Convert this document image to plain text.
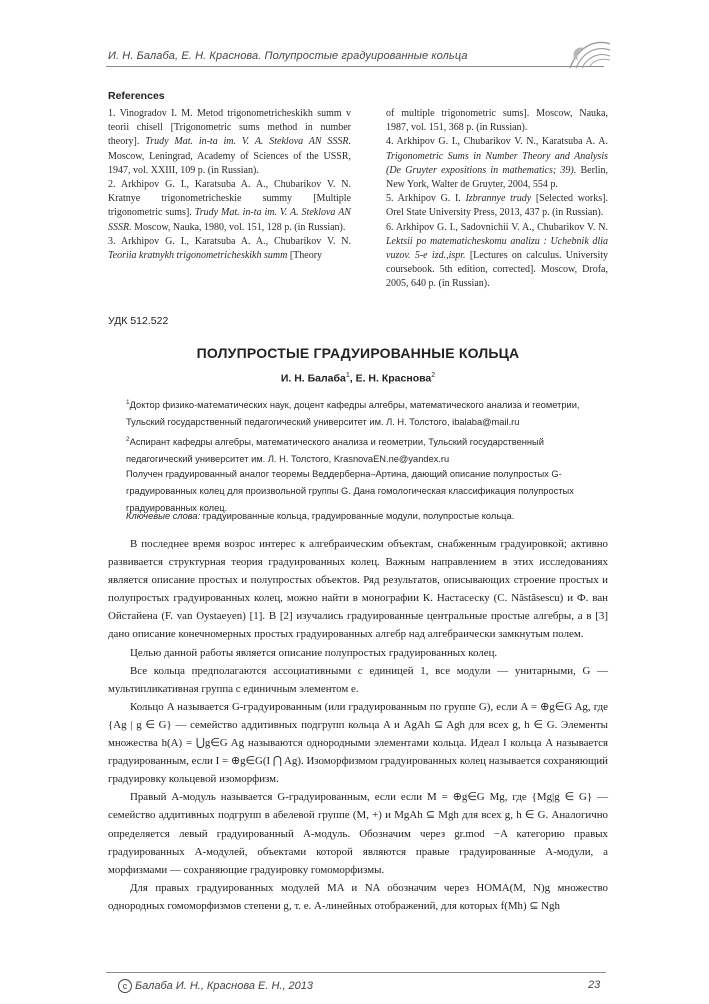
И. Н. Балаба, Е. Н. Краснова. Полупростые градуированные кольца
References

1. Vinogradov I. M. Metod trigonometricheskikh summ v teorii chisell [Trigonometric sums method in number theory]. Trudy Mat. in-ta im. V. A. Steklova AN SSSR. Moscow, Leningrad, Academy of Sciences of the USSR, 1947, vol. XXIII, 109 p. (in Russian).

2. Arkhipov G. I., Karatsuba A. A., Chubarikov V. N. Kratnye trigonometricheskie summy [Multiple trigonometric sums]. Trudy Mat. in-ta im. V. A. Steklova AN SSSR. Moscow, Nauka, 1980, vol. 151, 128 p. (in Russian).

3. Arkhipov G. I., Karatsuba A. A., Chubarikov V. N. Teoriia kratnykh trigonometricheskikh summ [Theory

of multiple trigonometric sums]. Moscow, Nauka, 1987, vol. 151, 368 p. (in Russian).

4. Arkhipov G. I., Chubarikov V. N., Karatsuba A. A. Trigonometric Sums in Number Theory and Analysis (De Gruyter expositions in mathematics; 39). Berlin, New York, Walter de Gruyter, 2004, 554 p.

5. Arkhipov G. I. Izbrannye trudy [Selected works]. Orel State University Press, 2013, 437 p. (in Russian).

6. Arkhipov G. I., Sadovnichii V. A., Chubarikov V. N. Lektsii po matematicheskomu analizu : Uchebnik dlia vuzov. 5-e izd.,ispr. [Lectures on calculus. University coursebook. 5th edition, corrected]. Moscow, Drofa, 2005, 640 p. (in Russian).

УДК 512.522
ПОЛУПРОСТЫЕ ГРАДУИРОВАННЫЕ КОЛЬЦА
И. Н. Балаба$^1$, Е. Н. Краснова$^2$

$^1$Доктор физико-математических наук, доцент кафедры алгебры, математического анализа и геометрии, Тульский государственный педагогический университет им. Л. Н. Толстого, ibalaba@mail.ru

$^2$Аспирант кафедры алгебры, математического анализа и геометрии, Тульский государственный педагогический университет им. Л. Н. Толстого, KrasnovaEN.ne@yandex.ru

Получен градуированный аналог теоремы Веддерберна–Артина, дающий описание полупростых G-градуированных колец для произвольной группы G. Дана гомологическая классификация полупростых градуированных колец.
Ключевые слова: градуированные кольца, градуированные модули, полупростые кольца.

В последнее время возрос интерес к алгебраическим объектам, снабженным градуировкой; активно развивается структурная теория градуированных колец. Важным направлением в этих исследованиях является описание простых и полупростых объектов. Ряд результатов, описывающих строение простых и полупростых градуированных колец, можно найти в монографии К. Настасеску (C. Năstăsescu) и Ф. ван Ойстайена (F. van Oystaeyen) [1]. В [2] изучались градуированные центральные простые алгебры, а в [3] дано описание конечномерных простых градуированных алгебр над алгебраически замкнутым полем.

Целью данной работы является описание полупростых градуированных колец.

Все кольца предполагаются ассоциативными с единицей 1, все модули — унитарными, G — мультипликативная группа с единичным элементом e.

Кольцо A называется G-градуированным (или градуированным по группе G), если A = ⊕g∈G Ag, где {Ag | g ∈ G} — семейство аддитивных подгрупп кольца A и AgAh ⊆ Agh для всех g, h ∈ G. Элементы множества h(A) = ⋃g∈G Ag называются однородными элементами кольца. Идеал I кольца A называется градуированным, если I = ⊕g∈G(I ⋂ Ag). Изоморфизмом градуированных колец называется сохраняющий градуировку кольцевой изоморфизм.

Правый A-модуль называется G-градуированным, если если M = ⊕g∈G Mg, где {Mg|g ∈ G} — семейство аддитивных подгрупп в абелевой группе (M, +) и MgAh ⊆ Mgh для всех g, h ∈ G. Аналогично определяется левый градуированный A-модуль. Обозначим через gr.mod −A категорию правых градуированных A-модулей, объектами которой являются правые градуированные A-модули, а морфизмами — сохраняющие градуировку гомоморфизмы.

Для правых градуированных модулей MA и NA обозначим через HOMA(M, N)g множество однородных гомоморфизмов степени g, т. е. A-линейных отображений, для которых f(Mh) ⊆ Ngh

c Балаба И. Н., Краснова Е. Н., 2013	23
